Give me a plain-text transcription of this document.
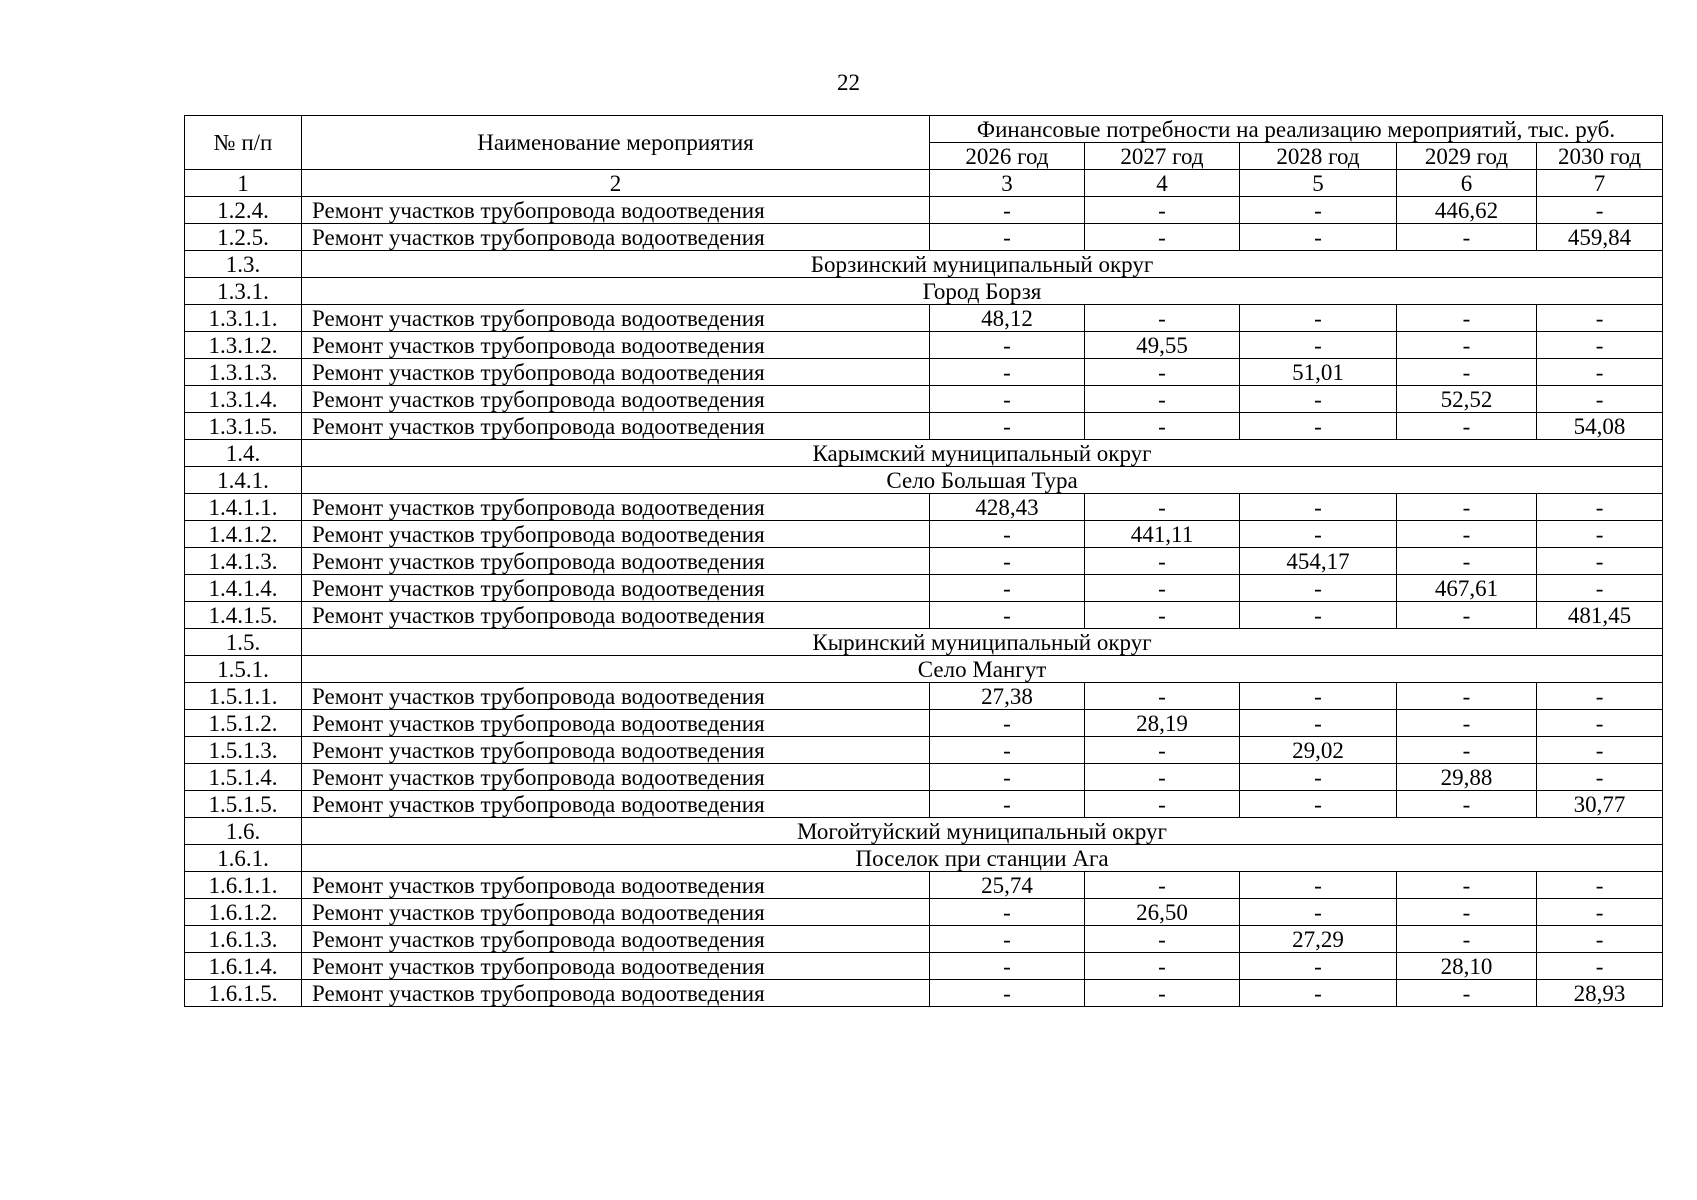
22
№ п/п	Наименование мероприятия	Финансовые потребности на реализацию мероприятий, тыс. руб.				
		2026 год	2027 год	2028 год	2029 год	2030 год
1	2	3	4	5	6	7
1.2.4.	Ремонт участков трубопровода водоотведения	-	-	-	446,62	-
1.2.5.	Ремонт участков трубопровода водоотведения	-	-	-	-	459,84
1.3.	Борзинский муниципальный округ					
1.3.1.	Город Борзя					
1.3.1.1.	Ремонт участков трубопровода водоотведения	48,12	-	-	-	-
1.3.1.2.	Ремонт участков трубопровода водоотведения	-	49,55	-	-	-
1.3.1.3.	Ремонт участков трубопровода водоотведения	-	-	51,01	-	-
1.3.1.4.	Ремонт участков трубопровода водоотведения	-	-	-	52,52	-
1.3.1.5.	Ремонт участков трубопровода водоотведения	-	-	-	-	54,08
1.4.	Карымский муниципальный округ					
1.4.1.	Село Большая Тура					
1.4.1.1.	Ремонт участков трубопровода водоотведения	428,43	-	-	-	-
1.4.1.2.	Ремонт участков трубопровода водоотведения	-	441,11	-	-	-
1.4.1.3.	Ремонт участков трубопровода водоотведения	-	-	454,17	-	-
1.4.1.4.	Ремонт участков трубопровода водоотведения	-	-	-	467,61	-
1.4.1.5.	Ремонт участков трубопровода водоотведения	-	-	-	-	481,45
1.5.	Кыринский муниципальный округ					
1.5.1.	Село Мангут					
1.5.1.1.	Ремонт участков трубопровода водоотведения	27,38	-	-	-	-
1.5.1.2.	Ремонт участков трубопровода водоотведения	-	28,19	-	-	-
1.5.1.3.	Ремонт участков трубопровода водоотведения	-	-	29,02	-	-
1.5.1.4.	Ремонт участков трубопровода водоотведения	-	-	-	29,88	-
1.5.1.5.	Ремонт участков трубопровода водоотведения	-	-	-	-	30,77
1.6.	Могойтуйский муниципальный округ					
1.6.1.	Поселок при станции Ага					
1.6.1.1.	Ремонт участков трубопровода водоотведения	25,74	-	-	-	-
1.6.1.2.	Ремонт участков трубопровода водоотведения	-	26,50	-	-	-
1.6.1.3.	Ремонт участков трубопровода водоотведения	-	-	27,29	-	-
1.6.1.4.	Ремонт участков трубопровода водоотведения	-	-	-	28,10	-
1.6.1.5.	Ремонт участков трубопровода водоотведения	-	-	-	-	28,93
